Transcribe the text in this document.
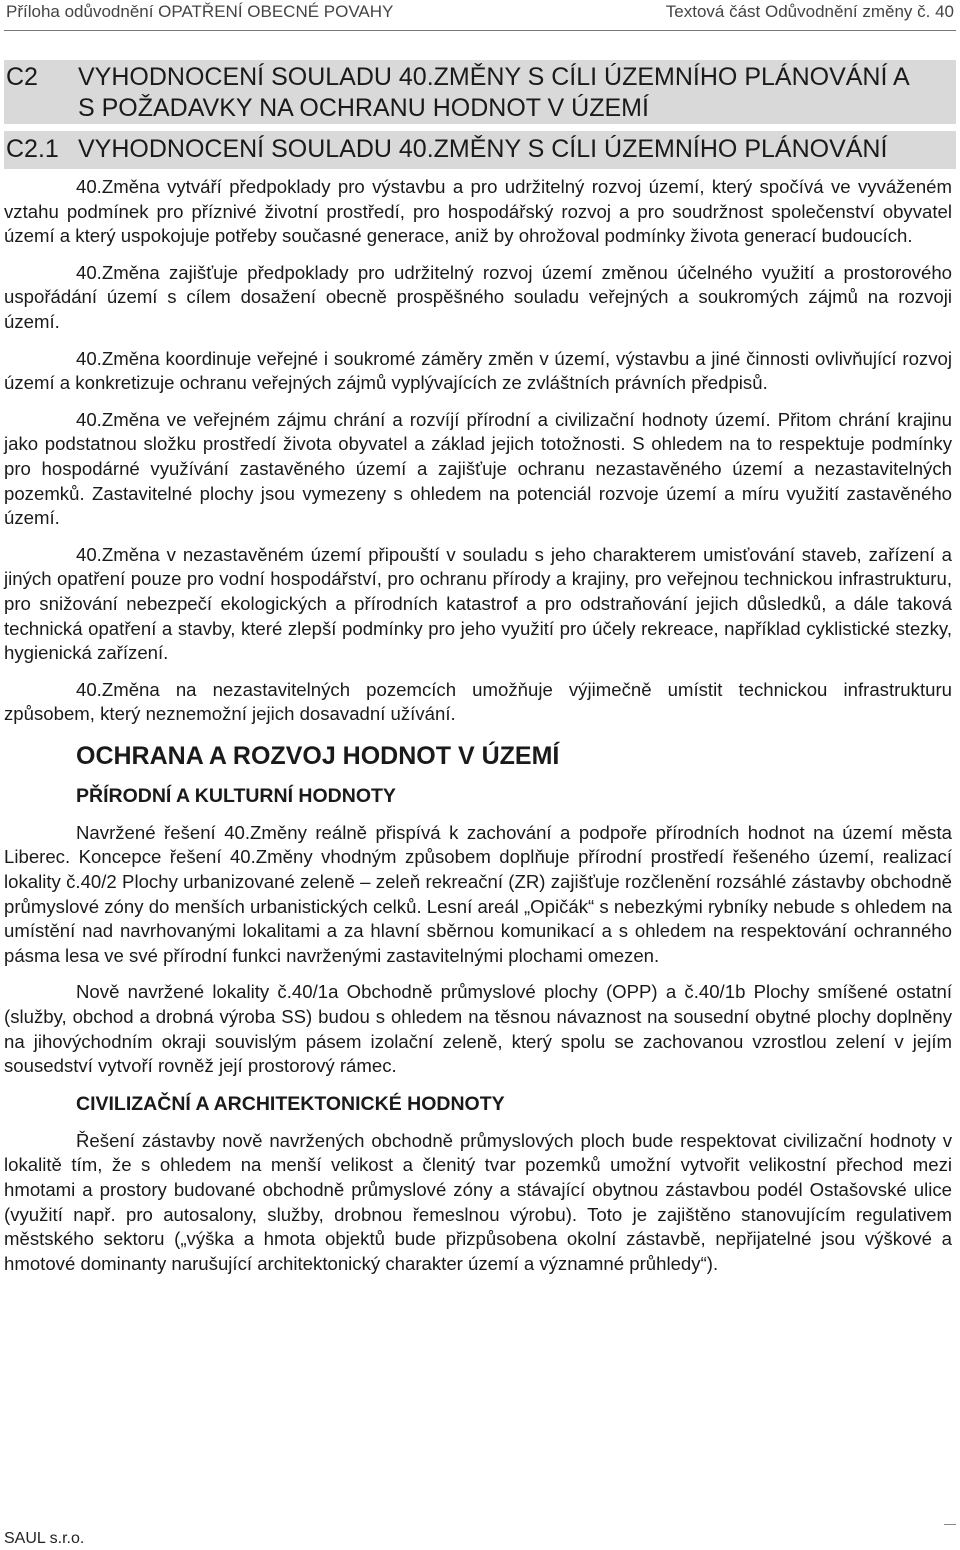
Příloha odůvodnění OPATŘENÍ OBECNÉ POVAHY	Textová část Odůvodnění změny č. 40
C2 VYHODNOCENÍ SOULADU 40.ZMĚNY S CÍLI ÚZEMNÍHO PLÁNOVÁNÍ A
S POŽADAVKY NA OCHRANU HODNOT V ÚZEMÍ
C2.1 VYHODNOCENÍ SOULADU 40.ZMĚNY S CÍLI ÚZEMNÍHO PLÁNOVÁNÍ

40.Změna vytváří předpoklady pro výstavbu a pro udržitelný rozvoj území, který spočívá ve vyváženém vztahu podmínek pro příznivé životní prostředí, pro hospodářský rozvoj a pro soudržnost společenství obyvatel území a který uspokojuje potřeby současné generace, aniž by ohrožoval podmínky života generací budoucích.

40.Změna zajišťuje předpoklady pro udržitelný rozvoj území změnou účelného využití a prostorového uspořádání území s cílem dosažení obecně prospěšného souladu veřejných a soukromých zájmů na rozvoji území.

40.Změna koordinuje veřejné i soukromé záměry změn v území, výstavbu a jiné činnosti ovlivňující rozvoj území a konkretizuje ochranu veřejných zájmů vyplývajících ze zvláštních právních předpisů.

40.Změna ve veřejném zájmu chrání a rozvíjí přírodní a civilizační hodnoty území. Přitom chrání krajinu jako podstatnou složku prostředí života obyvatel a základ jejich totožnosti. S ohledem na to respektuje podmínky pro hospodárné využívání zastavěného území a zajišťuje ochranu nezastavěného území a nezastavitelných pozemků. Zastavitelné plochy jsou vymezeny s ohledem na potenciál rozvoje území a míru využití zastavěného území.

40.Změna v nezastavěném území připouští v souladu s jeho charakterem umisťování staveb, zařízení a jiných opatření pouze pro vodní hospodářství, pro ochranu přírody a krajiny, pro veřejnou technickou infrastrukturu, pro snižování nebezpečí ekologických a přírodních katastrof a pro odstraňování jejich důsledků, a dále taková technická opatření a stavby, které zlepší podmínky pro jeho využití pro účely rekreace, například cyklistické stezky, hygienická zařízení.

40.Změna na nezastavitelných pozemcích umožňuje výjimečně umístit technickou infrastrukturu způsobem, který neznemožní jejich dosavadní užívání.

OCHRANA A ROZVOJ HODNOT V ÚZEMÍ
PŘÍRODNÍ A KULTURNÍ HODNOTY

Navržené řešení 40.Změny reálně přispívá k zachování a podpoře přírodních hodnot na území města Liberec. Koncepce řešení 40.Změny vhodným způsobem doplňuje přírodní prostředí řešeného území, realizací lokality č.40/2 Plochy urbanizované zeleně – zeleň rekreační (ZR) zajišťuje rozčlenění rozsáhlé zástavby obchodně průmyslové zóny do menších urbanistických celků. Lesní areál „Opičák“ s nebezkými rybníky nebude s ohledem na umístění nad navrhovanými lokalitami a za hlavní sběrnou komunikací a s ohledem na respektování ochranného pásma lesa ve své přírodní funkci navrženými zastavitelnými plochami omezen.

Nově navržené lokality č.40/1a Obchodně průmyslové plochy (OPP) a č.40/1b Plochy smíšené ostatní (služby, obchod a drobná výroba SS) budou s ohledem na těsnou návaznost na sousední obytné plochy doplněny na jihovýchodním okraji souvislým pásem izolační zeleně, který spolu se zachovanou vzrostlou zelení v jejím sousedství vytvoří rovněž její prostorový rámec.

CIVILIZAČNÍ A ARCHITEKTONICKÉ HODNOTY

Řešení zástavby nově navržených obchodně průmyslových ploch bude respektovat civilizační hodnoty v lokalitě tím, že s ohledem na menší velikost a členitý tvar pozemků umožní vytvořit velikostní přechod mezi hmotami a prostory budované obchodně průmyslové zóny a stávající obytnou zástavbou podél Ostašovské ulice (využití např. pro autosalony, služby, drobnou řemeslnou výrobu). Toto je zajištěno stanovujícím regulativem městského sektoru („výška a hmota objektů bude přizpůsobena okolní zástavbě, nepřijatelné jsou výškové a hmotové dominanty narušující architektonický charakter území a významné průhledy“).

SAUL s.r.o.
